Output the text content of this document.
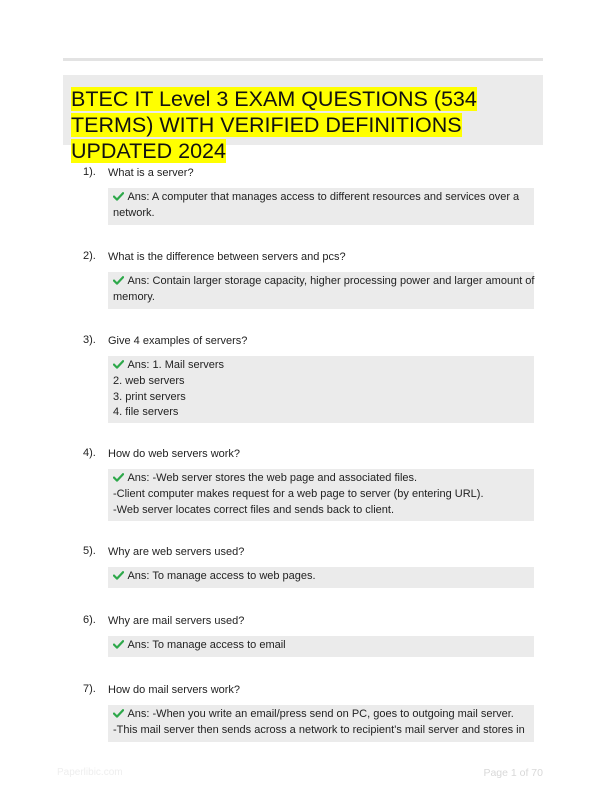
BTEC IT Level 3 EXAM QUESTIONS (534 TERMS) WITH VERIFIED DEFINITIONS UPDATED 2024
1). What is a server?
Ans: A computer that manages access to different resources and services over a
network.
2). What is the difference between servers and pcs?
Ans: Contain larger storage capacity, higher processing power and larger amount of
memory.
3). Give 4 examples of servers?
Ans: 1. Mail servers
2. web servers
3. print servers
4. file servers
4). How do web servers work?
Ans: -Web server stores the web page and associated files.
-Client computer makes request for a web page to server (by entering URL).
-Web server locates correct files and sends back to client.
5). Why are web servers used?
Ans: To manage access to web pages.
6). Why are mail servers used?
Ans: To manage access to email
7). How do mail servers work?
Ans: -When you write an email/press send on PC, goes to outgoing mail server.
-This mail server then sends across a network to recipient's mail server and stores in
Paperlibic.com	Page 1 of 70
